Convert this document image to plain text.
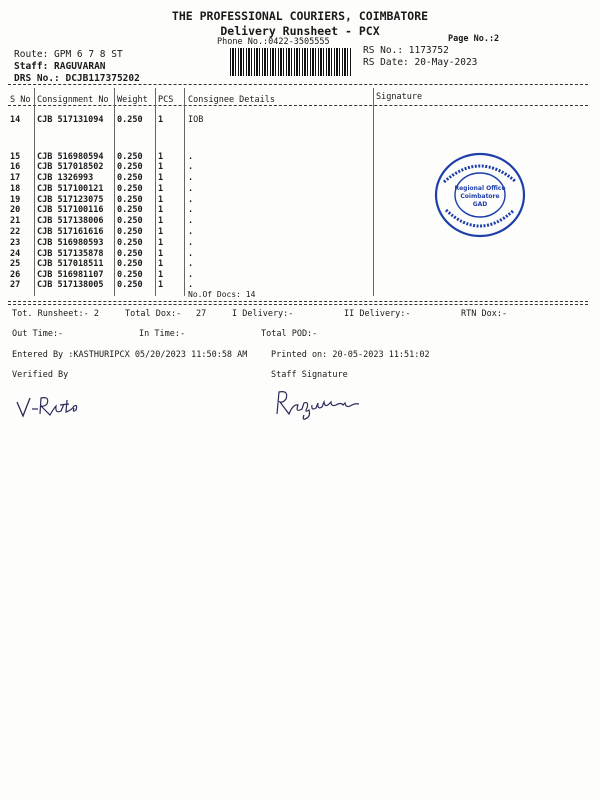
THE PROFESSIONAL COURIERS, COIMBATORE
Delivery Runsheet - PCX
Phone No.:0422-3505555	Page No.:2
Route: GPM 6 7 8 ST
Staff: RAGUVARAN
DRS No.: DCJB117375202
RS No.: 1173752
RS Date: 20-May-2023
S No Consignment No Weight PCS Consignee Details	Signature
14 CJB 517131094 0.250 1	IOB
15 CJB 516980594 0.250 1	.
16 CJB 517018502 0.250 1	.
17 CJB 1326993	0.250 1	.
18 CJB 517100121 0.250 1	.
19 CJB 517123075 0.250 1	.
20 CJB 517100116 0.250 1	.
21 CJB 517138006 0.250 1	.
22 CJB 517161616 0.250 1	.
23 CJB 516980593 0.250 1	.
24 CJB 517135878 0.250 1	.
25 CJB 517018511 0.250 1	.
26 CJB 516981107 0.250 1	.
27 CJB 517138005 0.250 1	.
No.Of Docs: 14
Regional Office
Coimbatore
GAD
Tot. Runsheet:- 2	Total Dox:- 27	I Delivery:-	II Delivery:-	RTN Dox:-
Out Time:-	In Time:-	Total POD:-
Entered By :KASTHURIPCX 05/20/2023 11:50:58 AM	Printed on: 20-05-2023 11:51:02
Verified By	Staff Signature
